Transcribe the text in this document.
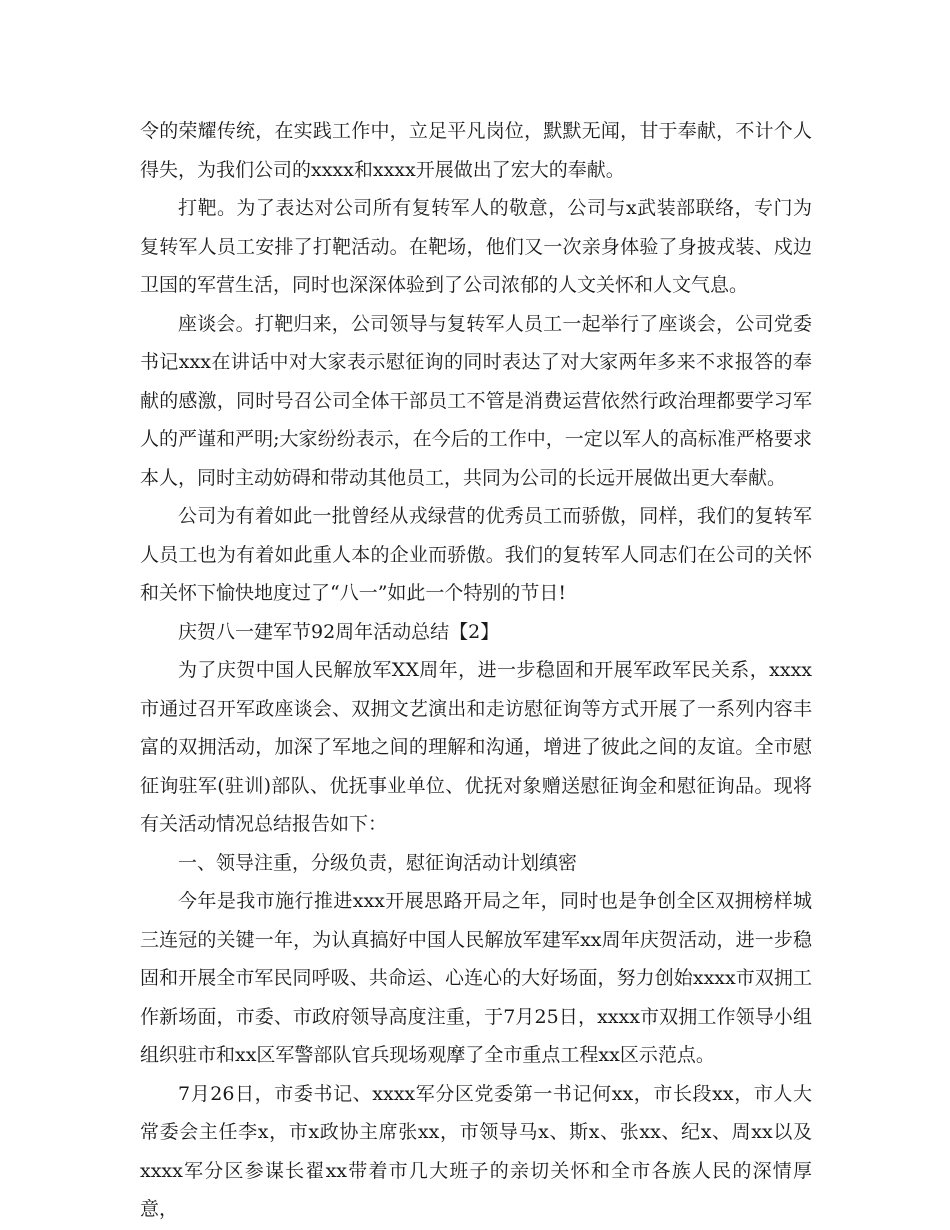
令的荣耀传统，在实践工作中，立足平凡岗位，默默无闻，甘于奉献，不计个人得失，为我们公司的xxxx和xxxx开展做出了宏大的奉献。

打靶。为了表达对公司所有复转军人的敬意，公司与x武装部联络，专门为复转军人员工安排了打靶活动。在靶场，他们又一次亲身体验了身披戎装、戍边卫国的军营生活，同时也深深体验到了公司浓郁的人文关怀和人文气息。

座谈会。打靶归来，公司领导与复转军人员工一起举行了座谈会，公司党委书记xxx在讲话中对大家表示慰征询的同时表达了对大家两年多来不求报答的奉献的感激，同时号召公司全体干部员工不管是消费运营依然行政治理都要学习军人的严谨和严明;大家纷纷表示，在今后的工作中，一定以军人的高标准严格要求本人，同时主动妨碍和带动其他员工，共同为公司的长远开展做出更大奉献。

公司为有着如此一批曾经从戎绿营的优秀员工而骄傲，同样，我们的复转军人员工也为有着如此重人本的企业而骄傲。我们的复转军人同志们在公司的关怀和关怀下愉快地度过了“八一”如此一个特别的节日!

庆贺八一建军节92周年活动总结【2】

为了庆贺中国人民解放军XX周年，进一步稳固和开展军政军民关系，xxxx市通过召开军政座谈会、双拥文艺演出和走访慰征询等方式开展了一系列内容丰富的双拥活动，加深了军地之间的理解和沟通，增进了彼此之间的友谊。全市慰征询驻军(驻训)部队、优抚事业单位、优抚对象赠送慰征询金和慰征询品。现将有关活动情况总结报告如下：

一、领导注重，分级负责，慰征询活动计划缜密

今年是我市施行推进xxx开展思路开局之年，同时也是争创全区双拥榜样城三连冠的关键一年，为认真搞好中国人民解放军建军xx周年庆贺活动，进一步稳固和开展全市军民同呼吸、共命运、心连心的大好场面，努力创始xxxx市双拥工作新场面，市委、市政府领导高度注重，于7月25日，xxxx市双拥工作领导小组组织驻市和xx区军警部队官兵现场观摩了全市重点工程xx区示范点。

7月26日，市委书记、xxxx军分区党委第一书记何xx，市长段xx，市人大常委会主任李x，市x政协主席张xx，市领导马x、斯x、张xx、纪x、周xx以及xxxx军分区参谋长翟xx带着市几大班子的亲切关怀和全市各族人民的深情厚意，
